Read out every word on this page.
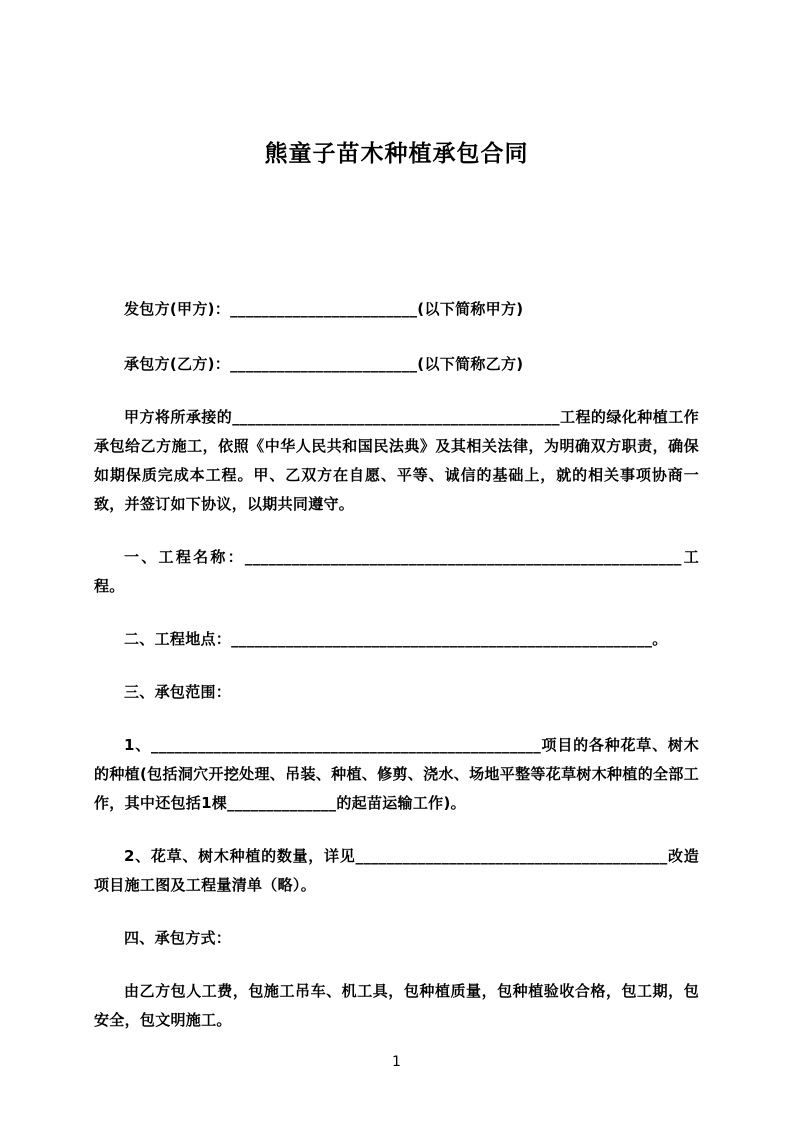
熊童子苗木种植承包合同

发包方(甲方)：________________________(以下简称甲方)

承包方(乙方)：________________________(以下简称乙方)

甲方将所承接的__________________________________________工程的绿化种植工作承包给乙方施工，依照《中华人民共和国民法典》及其相关法律，为明确双方职责，确保如期保质完成本工程。甲、乙双方在自愿、平等、诚信的基础上，就的相关事项协商一致，并签订如下协议，以期共同遵守。

一、工程名称：________________________________________________________工程。

二、工程地点：______________________________________________________。

三、承包范围：

1、__________________________________________________项目的各种花草、树木的种植(包括洞穴开挖处理、吊装、种植、修剪、浇水、场地平整等花草树木种植的全部工作，其中还包括1棵______________的起苗运输工作)。

2、花草、树木种植的数量，详见________________________________________改造项目施工图及工程量清单（略）。

四、承包方式：

由乙方包人工费，包施工吊车、机工具，包种植质量，包种植验收合格，包工期，包安全，包文明施工。

1
